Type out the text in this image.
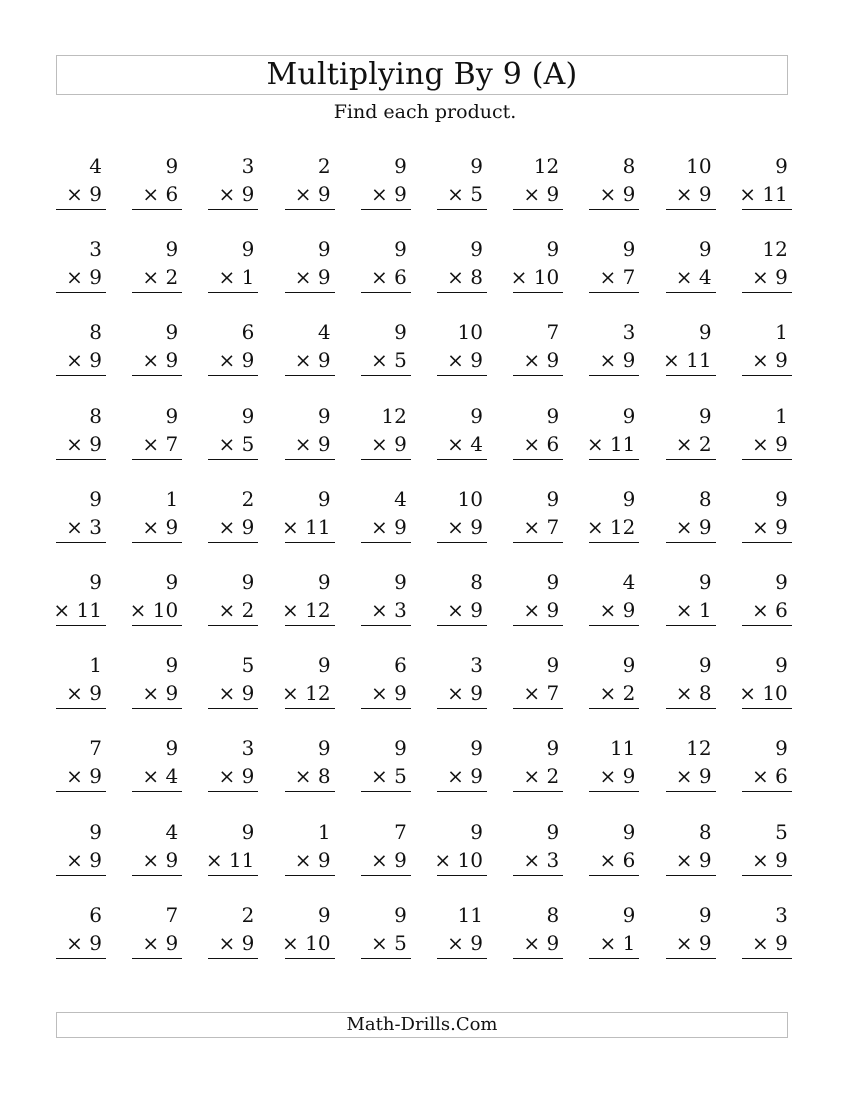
Multiplying By 9 (A)
Find each product.
4
× 9
9
× 6
3
× 9
2
× 9
9
× 9
9
× 5
12
× 9
8
× 9
10
× 9
9
× 11
3
× 9
9
× 2
9
× 1
9
× 9
9
× 6
9
× 8
9
× 10
9
× 7
9
× 4
12
× 9
8
× 9
9
× 9
6
× 9
4
× 9
9
× 5
10
× 9
7
× 9
3
× 9
9
× 11
1
× 9
8
× 9
9
× 7
9
× 5
9
× 9
12
× 9
9
× 4
9
× 6
9
× 11
9
× 2
1
× 9
9
× 3
1
× 9
2
× 9
9
× 11
4
× 9
10
× 9
9
× 7
9
× 12
8
× 9
9
× 9
9
× 11
9
× 10
9
× 2
9
× 12
9
× 3
8
× 9
9
× 9
4
× 9
9
× 1
9
× 6
1
× 9
9
× 9
5
× 9
9
× 12
6
× 9
3
× 9
9
× 7
9
× 2
9
× 8
9
× 10
7
× 9
9
× 4
3
× 9
9
× 8
9
× 5
9
× 9
9
× 2
11
× 9
12
× 9
9
× 6
9
× 9
4
× 9
9
× 11
1
× 9
7
× 9
9
× 10
9
× 3
9
× 6
8
× 9
5
× 9
6
× 9
7
× 9
2
× 9
9
× 10
9
× 5
11
× 9
8
× 9
9
× 1
9
× 9
3
× 9
Math-Drills.Com
